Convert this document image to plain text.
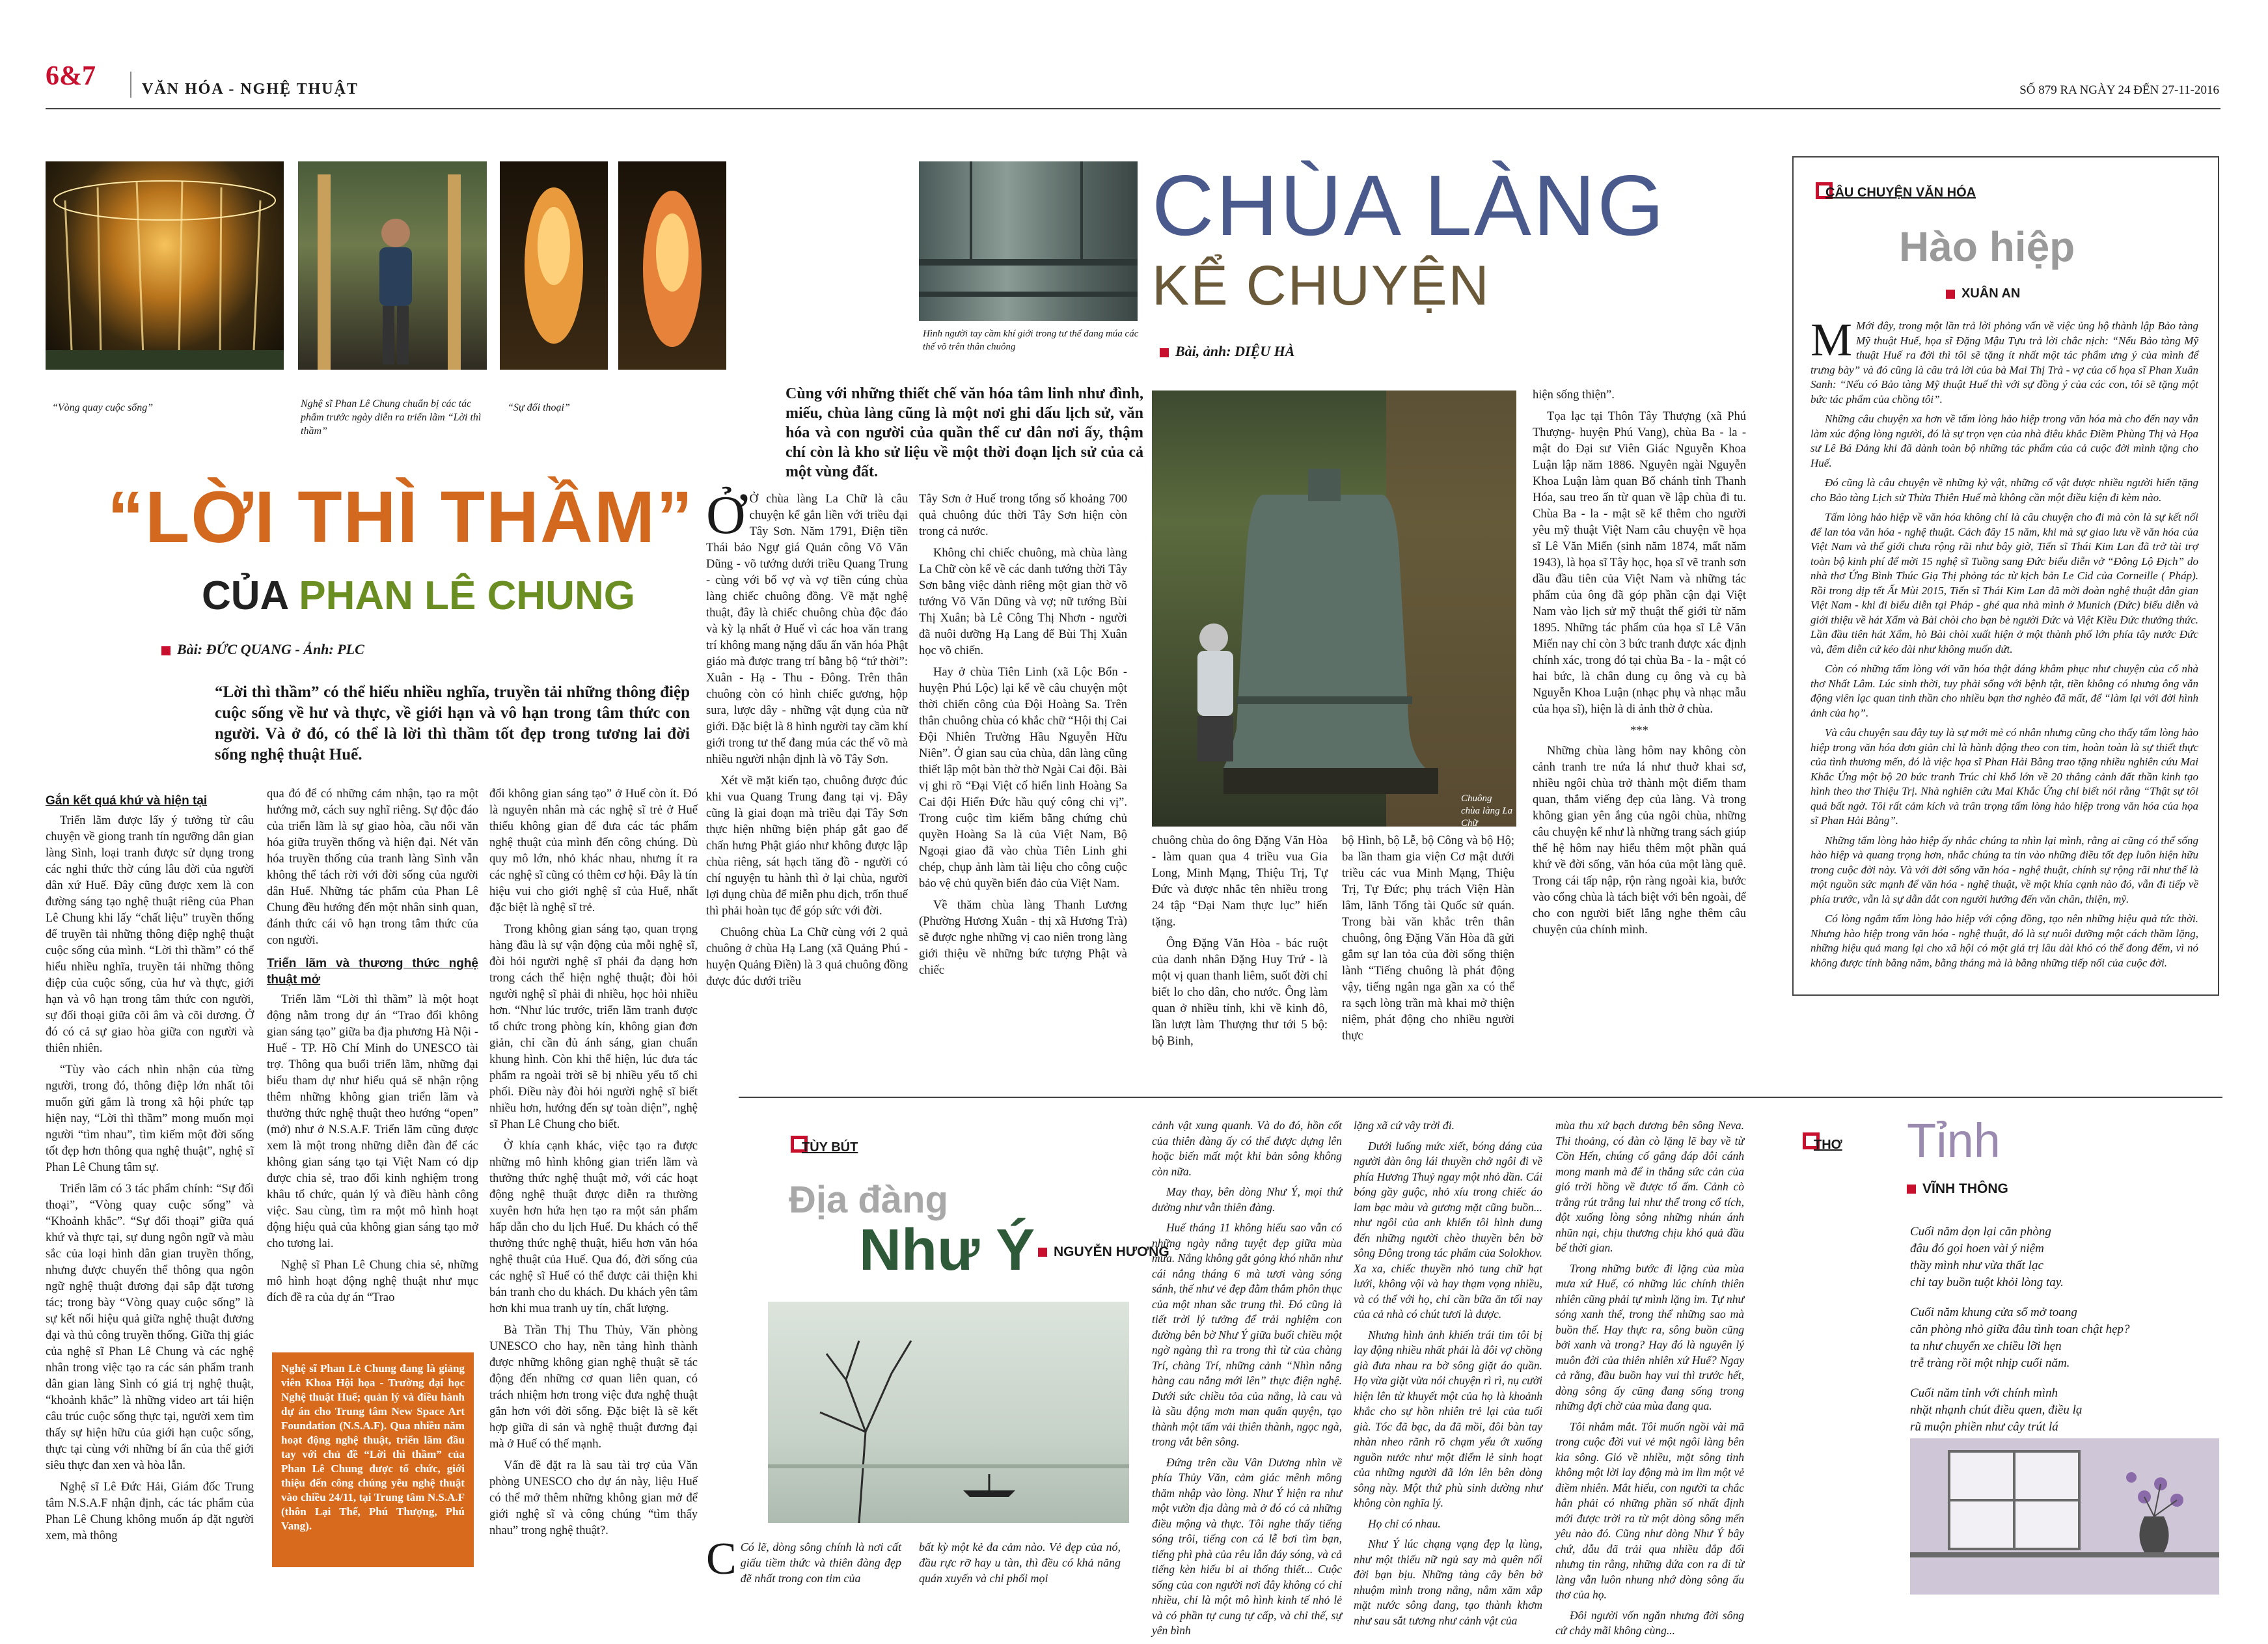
6&7	VĂN HÓA - NGHỆ THUẬT	SỐ 879 RA NGÀY 24 ĐẾN 27-11-2016
“Vòng quay cuộc sống”	Nghệ sĩ Phan Lê Chung chuẩn bị các tác phẩm trước ngày diễn ra triển lãm “Lời thì thầm”
“Sự đối thoại”
“LỜI THÌ THẦM”
CỦA PHAN LÊ CHUNG
Bài: ĐỨC QUANG - Ảnh: PLC
“Lời thì thầm” có thể hiểu nhiều nghĩa, truyền tải những thông điệp cuộc sống về hư và thực, về giới hạn và vô hạn trong tâm thức con người. Và ở đó, có thể là lời thì thầm tốt đẹp trong tương lai đời sống nghệ thuật Huế.
Gắn kết quá khứ và hiện tại

Triển lãm được lấy ý tưởng từ câu chuyện về giong tranh tín ngưỡng dân gian làng Sình, loại tranh được sử dụng trong các nghi thức thờ cúng lâu đời của người dân xứ Huế. Đây cũng được xem là con đường sáng tạo nghệ thuật riêng của Phan Lê Chung khi lấy “chất liệu” truyền thống để truyền tải những thông điệp nghệ thuật cuộc sống của mình. “Lời thì thầm” có thể hiểu nhiều nghĩa, truyền tải những thông điệp của cuộc sống, của hư và thực, giới hạn và vô hạn trong tâm thức con người, sự đối thoại giữa cõi âm và cõi dương. Ở đó có cả sự giao hòa giữa con người và thiên nhiên.

“Tùy vào cách nhìn nhận của từng người, trong đó, thông điệp lớn nhất tôi muốn gửi gắm là trong xã hội phức tạp hiện nay, “Lời thì thầm” mong muốn mọi người “tìm nhau”, tìm kiếm một đời sống tốt đẹp hơn thông qua nghệ thuật”, nghệ sĩ Phan Lê Chung tâm sự.

Triển lãm có 3 tác phẩm chính: “Sự đối thoại”, “Vòng quay cuộc sống” và “Khoảnh khắc”. “Sự đối thoại” giữa quá khứ và thực tại, sự dung ngôn ngữ và màu sắc của loại hình dân gian truyền thống, nhưng được chuyển thể thông qua ngôn ngữ nghệ thuật đương đại sắp đặt tương tác; trong bày “Vòng quay cuộc sống” là sự kết nối hiệu quả giữa nghệ thuật đương đại và thủ công truyền thống. Giữa thị giác của nghệ sĩ Phan Lê Chung và các nghệ nhân trong việc tạo ra các sản phẩm tranh dân gian làng Sình có giá trị nghệ thuật, “khoảnh khắc” là những video art tái hiện câu trúc cuộc sống thực tại, người xem tìm thấy sự hiện hữu của giới hạn cuộc sống, thực tại cùng với những bí ẩn của thế giới siêu thực đan xen và hòa lẫn.

Nghệ sĩ Lê Đức Hải, Giám đốc Trung tâm N.S.A.F nhận định, các tác phẩm của Phan Lê Chung không muốn áp đặt người xem, mà thông

qua đó để có những cảm nhận, tạo ra một hướng mở, cách suy nghĩ riêng. Sự độc đáo của triển lãm là sự giao hòa, cầu nối văn hóa giữa truyền thống và hiện đại. Nét văn hóa truyền thống của tranh làng Sình vẫn không thể tách rời với đời sống của người dân Huế. Những tác phẩm của Phan Lê Chung đều hướng đến một nhân sinh quan, đánh thức cái vô hạn trong tâm thức của con người.

Triển lãm và thương thức nghệ thuật mở

Triển lãm “Lời thì thầm” là một hoạt động nằm trong dự án “Trao đổi không gian sáng tạo” giữa ba địa phương Hà Nội - Huế - TP. Hồ Chí Minh do UNESCO tài trợ. Thông qua buổi triển lãm, những đại biểu tham dự như hiểu quả sẽ nhận rộng thêm những không gian triển lãm và thưởng thức nghệ thuật theo hướng “open” (mở) như ở N.S.A.F. Triển lãm cũng được xem là một trong những diễn đàn để các không gian sáng tạo tại Việt Nam có dịp được chia sẻ, trao đổi kinh nghiệm trong khâu tổ chức, quản lý và điều hành công việc. Sau cùng, tìm ra một mô hình hoạt động hiệu quả của không gian sáng tạo mở cho tương lai.

Nghệ sĩ Phan Lê Chung chia sẻ, những mô hình hoạt động nghệ thuật như mục đích đề ra của dự án “Trao

Nghệ sĩ Phan Lê Chung đang là giảng viên Khoa Hội họa - Trường đại học Nghệ thuật Huế; quản lý và điều hành dự án cho Trung tâm New Space Art Foundation (N.S.A.F). Qua nhiều năm hoạt động nghệ thuật, triển lãm đầu tay với chủ đề “Lời thì thầm” của Phan Lê Chung được tổ chức, giới thiệu đến công chúng yêu nghệ thuật vào chiều 24/11, tại Trung tâm N.S.A.F (thôn Lại Thế, Phú Thượng, Phú Vang).

đổi không gian sáng tạo” ở Huế còn ít. Đó là nguyên nhân mà các nghệ sĩ trẻ ở Huế thiếu không gian để đưa các tác phẩm nghệ thuật của mình đến công chúng. Dù quy mô lớn, nhỏ khác nhau, nhưng ít ra các nghệ sĩ cũng có thêm cơ hội. Đây là tín hiệu vui cho giới nghệ sĩ của Huế, nhất đặc biệt là nghệ sĩ trẻ.

Trong không gian sáng tạo, quan trọng hàng đầu là sự vận động của mỗi nghệ sĩ, đòi hỏi người nghệ sĩ phải đa dạng hơn trong cách thể hiện nghệ thuật; đòi hỏi người nghệ sĩ phải đi nhiều, học hỏi nhiều hơn. “Như lúc trước, triển lãm tranh được tổ chức trong phòng kín, không gian đơn giản, chỉ cần đủ ánh sáng, gian chuẩn khung hình. Còn khi thể hiện, lúc đưa tác phẩm ra ngoài trời sẽ bị nhiều yếu tố chi phối. Điều này đòi hỏi người nghệ sĩ biết nhiều hơn, hướng đến sự toàn diện”, nghệ sĩ Phan Lê Chung cho biết.

Ở khía cạnh khác, việc tạo ra được những mô hình không gian triển lãm và thưởng thức nghệ thuật mở, với các hoạt động nghệ thuật được diễn ra thường xuyên hơn hứa hẹn tạo ra một sản phẩm hấp dẫn cho du lịch Huế. Du khách có thể thưởng thức nghệ thuật, hiểu hơn văn hóa nghệ thuật của Huế. Qua đó, đời sống của các nghệ sĩ Huế có thể được cải thiện khi bán tranh cho du khách. Du khách yên tâm hơn khi mua tranh uy tín, chất lượng.

Bà Trần Thị Thu Thủy, Văn phòng UNESCO cho hay, nền tảng hình thành được những không gian nghệ thuật sẽ tác động đến những cơ quan liên quan, có trách nhiệm hơn trong việc đưa nghệ thuật gắn hơn với đời sống. Đặc biệt là sẽ kết hợp giữa di sản và nghệ thuật đương đại mà ở Huế có thế mạnh.

Vấn đề đặt ra là sau tài trợ của Văn phòng UNESCO cho dự án này, liệu Huế có thể mở thêm những không gian mở để giới nghệ sĩ và công chúng “tìm thấy nhau” trong nghệ thuật?.

Hình người tay cầm khí giới trong tư thế đang múa các thế võ trên thân chuông
CHÙA LÀNG
KỂ CHUYỆN
Bài, ảnh: DIỆU HÀ
Cùng với những thiết chế văn hóa tâm linh như đình, miếu, chùa làng cũng là một nơi ghi dấu lịch sử, văn hóa và con người của quần thể cư dân nơi ấy, thậm chí còn là kho sử liệu về một thời đoạn lịch sử của cả một vùng đất.

Ở Ở chùa làng La Chữ là câu chuyện kể gắn liền với triều đại Tây Sơn. Năm 1791, Điện tiền Thái bảo Ngự giá Quản công Võ Văn Dũng - võ tướng dưới triều Quang Trung - cùng với bổ vợ và vợ tiền cúng chùa làng chiếc chuông đồng. Về mặt nghệ thuật, đây là chiếc chuông chùa độc đáo và kỳ lạ nhất ở Huế vì các hoa văn trang trí không mang nặng dấu ấn văn hóa Phật giáo mà được trang trí bằng bộ “tứ thời”: Xuân - Hạ - Thu - Đông. Trên thân chuông còn có hình chiếc gương, hộp sura, lược dây - những vật dụng của nữ giới. Đặc biệt là 8 hình người tay cầm khí giới trong tư thế đang múa các thế võ mà nhiều người nhận định là võ Tây Sơn.

Xét về mặt kiến tạo, chuông được đúc khi vua Quang Trung đang tại vị. Đây cũng là giai đoạn mà triều đại Tây Sơn thực hiện những biện pháp gắt gao để chấn hưng Phật giáo như không được lập chùa riêng, sát hạch tăng đồ - người có chí nguyện tu hành thì ở lại chùa, người lợi dụng chùa để miễn phu dịch, trốn thuế thì phải hoàn tục để góp sức với đời.

Chuông chùa La Chữ cùng với 2 quả chuông ở chùa Hạ Lang (xã Quảng Phú - huyện Quảng Điền) là 3 quả chuông đồng được đúc dưới triều

Tây Sơn ở Huế trong tổng số khoảng 700 quả chuông đúc thời Tây Sơn hiện còn trong cả nước.

Không chỉ chiếc chuông, mà chùa làng La Chữ còn kể về các danh tướng thời Tây Sơn bằng việc dành riêng một gian thờ võ tướng Võ Văn Dũng và vợ; nữ tướng Bùi Thị Xuân; bà Lê Công Thị Nhơn - người đã nuôi dưỡng Hạ Lang để Bùi Thị Xuân học võ chiến.

Hay ở chùa Tiên Linh (xã Lộc Bổn - huyện Phú Lộc) lại kể về câu chuyện một thời chiến công của Đội Hoàng Sa. Trên thân chuông chùa có khắc chữ “Hội thị Cai Đội Nhiên Trường Hầu Nguyễn Hữu Niên”. Ở gian sau của chùa, dân làng cũng thiết lập một bàn thờ thờ Ngài Cai đội. Bài vị ghi rõ “Đại Việt cố hiển linh Hoàng Sa Cai đội Hiển Đức hầu quý công chi vị”. Trong cuộc tìm kiếm bằng chứng chủ quyền Hoàng Sa là của Việt Nam, Bộ Ngoại giao đã vào chùa Tiên Linh ghi chép, chụp ảnh làm tài liệu cho công cuộc bảo vệ chủ quyền biển đảo của Việt Nam.

Về thăm chùa làng Thanh Lương (Phường Hương Xuân - thị xã Hương Trà) sẽ được nghe những vị cao niên trong làng giới thiệu về những bức tượng Phật và chiếc

Chuông chùa làng La Chữ

chuông chùa do ông Đặng Văn Hòa - làm quan qua 4 triều vua Gia Long, Minh Mạng, Thiệu Trị, Tự Đức và được nhắc tên nhiều trong 24 tập “Đại Nam thực lục” hiến tặng.

Ông Đặng Văn Hòa - bác ruột của danh nhân Đặng Huy Trứ - là một vị quan thanh liêm, suốt đời chỉ biết lo cho dân, cho nước. Ông làm quan ở nhiều tỉnh, khi về kinh đô, lần lượt làm Thượng thư tới 5 bộ: bộ Binh,

bộ Hình, bộ Lễ, bộ Công và bộ Hộ; ba lần tham gia viện Cơ mật dưới triều các vua Minh Mạng, Thiệu Trị, Tự Đức; phụ trách Viện Hàn lâm, lãnh Tổng tài Quốc sử quán. Trong bài văn khắc trên thân chuông, ông Đặng Văn Hòa đã gửi gắm sự lan tỏa của đời sống thiện lành “Tiếng chuông là phát động vậy, tiếng ngân nga gần xa có thể ra sạch lòng trần mà khai mở thiện niệm, phát động cho nhiều người thực

hiện sống thiện”.

Tọa lạc tại Thôn Tây Thượng (xã Phú Thượng- huyện Phú Vang), chùa Ba - la - mật do Đại sư Viên Giác Nguyễn Khoa Luận lập năm 1886. Nguyên ngài Nguyễn Khoa Luận làm quan Bố chánh tỉnh Thanh Hóa, sau treo ấn từ quan về lập chùa đi tu. Chùa Ba - la - mật sẽ kể thêm cho người yêu mỹ thuật Việt Nam câu chuyện về họa sĩ Lê Văn Miến (sinh năm 1874, mất năm 1943), là họa sĩ Tây học, họa sĩ vẽ tranh sơn dầu đầu tiên của Việt Nam và những tác phẩm của ông đã góp phần cận đại Việt Nam vào lịch sử mỹ thuật thế giới từ năm 1895. Những tác phẩm của họa sĩ Lê Văn Miến nay chỉ còn 3 bức tranh được xác định chính xác, trong đó tại chùa Ba - la - mật có hai bức, là chân dung cụ ông và cụ bà Nguyễn Khoa Luận (nhạc phụ và nhạc mẫu của họa sĩ), hiện là di ảnh thờ ở chùa.

***

Những chùa làng hôm nay không còn cảnh tranh tre nứa lá như thuở khai sơ, nhiều ngôi chùa trở thành một điểm tham quan, thắm viếng đẹp của làng. Và trong không gian yên ắng của ngôi chùa, những câu chuyện kể như là những trang sách giúp thế hệ hôm nay hiểu thêm một phần quá khứ về đời sống, văn hóa của một làng quê. Trong cái tấp nập, rộn ràng ngoài kia, bước vào cổng chùa là tách biệt với bên ngoài, để cho con người biết lắng nghe thêm câu chuyện của chính mình.

CÂU CHUYỆN VĂN HÓA
Hào hiệp
XUÂN AN

M Mới đây, trong một lần trả lời phỏng vấn về việc ủng hộ thành lập Bảo tàng Mỹ thuật Huế, họa sĩ Đặng Mậu Tựu trả lời chắc nịch: “Nếu Bảo tàng Mỹ thuật Huế ra đời thì tôi sẽ tặng ít nhất một tác phẩm ưng ý của mình để trưng bày” và đó cũng là câu trả lời của bà Mai Thị Trà - vợ của cố họa sĩ Phan Xuân Sanh: “Nếu có Bảo tàng Mỹ thuật Huế thì với sự đồng ý của các con, tôi sẽ tặng một bức tác phẩm của chồng tôi”.

Những câu chuyện xa hơn về tấm lòng hảo hiệp trong văn hóa mà cho đến nay vẫn làm xúc động lòng người, đó là sự trọn vẹn của nhà điêu khắc Điềm Phùng Thị và Họa sư Lê Bá Đảng khi đã dành toàn bộ những tác phẩm của cả cuộc đời mình tặng cho Huế.

Đó cũng là câu chuyện về những kỷ vật, những cổ vật được nhiều người hiến tặng cho Bảo tàng Lịch sử Thừa Thiên Huế mà không cần một điều kiện đi kèm nào.

Tấm lòng hảo hiệp về văn hóa không chỉ là câu chuyện cho đi mà còn là sự kết nối để lan tỏa văn hóa - nghệ thuật. Cách đây 15 năm, khi mà sự giao lưu về văn hóa của Việt Nam và thế giới chưa rộng rãi như bây giờ, Tiến sĩ Thái Kim Lan đã trở tài trợ toàn bộ kinh phí để mời 15 nghệ sĩ Tuồng sang Đức biểu diễn vở “Đông Lộ Địch” do nhà thơ Ứng Bình Thúc Giạ Thị phỏng tác từ kịch bản Le Cid của Corneille ( Pháp). Rồi trong dịp tết Ất Mùi 2015, Tiến sĩ Thái Kim Lan đã mời đoàn nghệ thuật dân gian Việt Nam - khi đi biểu diễn tại Pháp - ghé qua nhà mình ở Munich (Đức) biểu diễn và giới thiệu về hát Xẩm và Bài chòi cho bạn bè người Đức và Việt Kiều Đức thưởng thức. Lần đầu tiên hát Xẩm, hò Bài chòi xuất hiện ở một thành phố lớn phía tây nước Đức và, đêm diễn cứ kéo dài như không muốn dứt.

Còn có những tấm lòng với văn hóa thật đáng khâm phục như chuyện của cố nhà thơ Nhất Lâm. Lúc sinh thời, tuy phải sống với bệnh tật, tiền không có nhưng ông vẫn động viên lạc quan tinh thần cho nhiều bạn thơ nghèo đã mất, để “làm lại với đời hình ảnh của họ”.

Và câu chuyện sau đây tuy là sự mới mẻ có nhân nhưng cũng cho thấy tấm lòng hảo hiệp trong văn hóa đơn giản chỉ là hành động theo con tim, hoàn toàn là sự thiết thực của tình thương mến, đó là việc họa sĩ Phan Hải Bằng trao tặng nhiều nghiên cứu Mai Khắc Ứng một bộ 20 bức tranh Trúc chỉ khổ lớn về 20 thắng cảnh đất thần kinh tạo hình theo thơ Thiệu Trị. Nhà nghiên cứu Mai Khắc Ứng chỉ biết nói rằng “Thật sự tôi quá bất ngờ. Tôi rất cảm kích và trân trọng tấm lòng hảo hiệp trong văn hóa của họa sĩ Phan Hải Bằng”.

Những tấm lòng hảo hiệp ấy nhắc chúng ta nhìn lại mình, rằng ai cũng có thể sống hào hiệp và quang trọng hơn, nhắc chúng ta tin vào những điều tốt đẹp luôn hiện hữu trong cuộc đời này. Và với đời sống văn hóa - nghệ thuật, chính sự rộng rãi như thế là một nguồn sức mạnh để văn hóa - nghệ thuật, về một khía cạnh nào đó, vẫn đi tiếp về phía trước, vẫn là sự dẫn dắt con người hướng đến văn chân, thiện, mỹ.

Có lòng ngắm tấm lòng hảo hiệp với cộng đồng, tạo nên những hiệu quả tức thời. Nhưng hào hiệp trong văn hóa - nghệ thuật, đó là sự nuôi dưỡng một cách thầm lặng, những hiệu quả mang lại cho xã hội có một giá trị lâu dài khó có thể đong đếm, vì nó không được tính bằng năm, bằng tháng mà là bằng những tiếp nối của cuộc đời.

TÙY BÚT
Địa đàng
Như Ý	NGUYỄN HƯƠNG

C Có lẽ, dòng sông chính là nơi cất giấu tiềm thức và thiên đàng đẹp đẽ nhất trong con tim của

bất kỳ một kẻ đa cảm nào. Vẻ đẹp của nó, đầu rực rỡ hay u tàn, thì đều có khả năng quán xuyến và chi phối mọi

cảnh vật xung quanh. Và do đó, hồn cốt của thiên đàng ấy có thể được dựng lên hoặc biến mất một khi bản sông không còn nữa.

May thay, bên dòng Như Ý, mọi thứ dường như vẫn thiên đàng.

Huế tháng 11 không hiếu sao vẫn có những ngày nắng tuyệt đẹp giữa mùa mưa. Nắng không gắt gỏng khó nhăn như cái nắng tháng 6 mà tươi vàng sóng sánh, thế như vẻ đẹp đằm thắm phôn thục của một nhan sắc trung thì. Đó cũng là tiết trời lý tưởng để trải nghiệm con đường bên bờ Như Ý giữa buổi chiều một ngờ ngàng thì ra trong thì từ của chàng Trí, chàng Trí, những cảnh “Nhìn nắng hàng cau nắng mới lên” thực điện nghệ. Dưới sức chiều tỏa của nắng, là cau và là sầu động mơn man quấn quyện, tạo thành một tấm vải thiên thành, ngọc ngà, trong vắt bên sông.

Đứng trên cầu Vân Dương nhìn về phía Thủy Văn, cảm giác mênh mông thăm nhập vào lòng. Như Ý hiện ra như một vườn địa đàng mà ở đó có cả những điều mộng và thực. Tôi nghe thấy tiếng sóng trôi, tiếng con cá lễ bơi tìm bạn, tiếng phì phà của rêu lẫn đáy sóng, và cả tiếng kèn hiếu bi ai thống thiết... Cuộc sống của con người nơi đây không có chỉ nhiều, chỉ là một mô hình kinh tế nhỏ lẻ và có phần tự cung tự cấp, và chỉ thế, sự yên bình

lặng xã cứ vây trời đi.

Dưới luống mức xiết, bóng dáng của người đàn ông lái thuyền chở ngôi đi về phía Hương Thuỷ ngay một nhỏ dần. Cái bóng gầy guộc, nhỏ xíu trong chiếc áo lam bạc màu và gương mặt cũng buồn... như ngôi của anh khiến tôi hình dung đến những người chèo thuyền bên bờ sông Đông trong tác phẩm của Solokhov. Xa xa, chiếc thuyền nhỏ tung chữ hạt lưới, không vội và hay thạm vọng nhiều, và có thể với họ, chỉ cần bữa ăn tối nay của cả nhà có chút tươi là được.

Nhưng hình ảnh khiến trái tim tôi bị lay động nhiều nhất phải là đôi vợ chồng già đưa nhau ra bờ sông giặt áo quần. Họ vừa giặt vừa nói chuyện rì rì, nụ cười hiện lên từ khuyết một của họ là khoảnh khắc cho sự hồn nhiên trẻ lại của tuổi già. Tóc đã bạc, da đã mồi, đôi bàn tay nhàn nheo rãnh rõ chạm yểu ớt xuống nguồn nước như một điểm lẻ sinh hoạt của những người đã lớn lên bên dòng sông này. Một thứ phù sinh dường như không còn nghĩa lý.

Họ chỉ có nhau.

Như Ý lúc chạng vạng đẹp lạ lùng, như một thiếu nữ ngủ say mà quên nối đời bạn bịu. Những tàng cây bên bờ nhuộm mình trong nắng, nắm xăm xắp mặt nước sông đang, tạo thành khơm như sau sắt tương như cảnh vật của

mùa thu xứ bạch dương bên sông Neva. Thi thoảng, có đàn cò lặng lẽ bay về từ Cồn Hến, chúng cố gắng đáp đôi cánh mong manh mà để in thắng sức cản của gió trời hồng về được tổ ấm. Cảnh cò trắng rút trắng lui như thể trong cổ tích, đột xuống lòng sông những nhún ánh nhũn nại, chịu thương chịu khó quả đầu bể thời gian.

Trong những bước đi lặng của mùa mưa xứ Huế, có những lúc chính thiên nhiên cũng phải tự mình lặng im. Tự như sóng xanh thế, trong thể những sao mà buồn thế. Hay thực ra, sông buồn cũng bởi xanh và trong? Hay đó là nguyên lý muôn đời của thiên nhiên xứ Huế? Ngay cả rằng, đầu buồn hay vui thì trước hết, dòng sông ấy cũng đang sống trong những đợi chờ của mùa đang qua.

Tôi nhắm mắt. Tôi muốn ngồi vài mã trong cuộc đời vui vẻ một ngôi làng bên kia sông. Gió về nhiều, mặt sông tinh không một lời lay động mà im lìm một vẻ điềm nhiên. Mắt hiểu, con người ta chắc hẳn phải có những phần số nhất định mới được trời ra từ một dòng sông mến yêu nào đó. Cũng như dòng Như Ý bây chứ, dẫu đã trải qua nhiều đắp đổi nhưng tin rằng, những đứa con ra đi từ làng vẫn luôn nhung nhớ dòng sông ấu thơ của họ.

Đôi người vốn ngắn nhưng đời sông cứ chảy mãi không cùng...

THƠ Tỉnh
VĨNH THÔNG
Cuối năm dọn lại căn phòng
đâu đó gọi hoen vài ý niệm
thầy mình như vừa thất lạc
chỉ tay buồn tuột khỏi lòng tay.
Cuối năm khung cửa sổ mở toang
căn phòng nhỏ giữa đâu tình toan chật hẹp?
ta như chuyến xe chiều lỡi hẹn
trễ tràng rồi một nhịp cuối năm.
Cuối năm tỉnh với chính mình
nhặt nhạnh chút điều quen, điều lạ
rũ muộn phiền như cây trút lá
